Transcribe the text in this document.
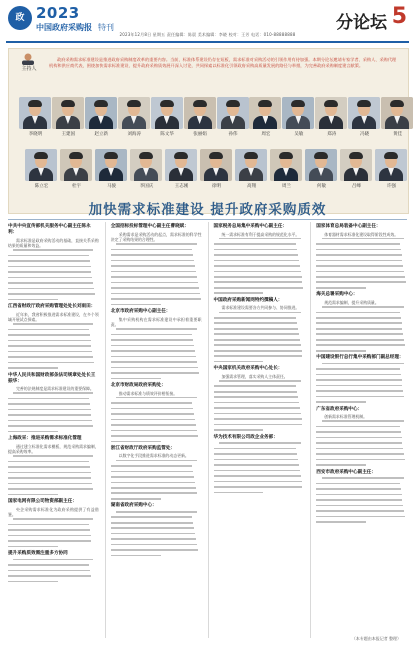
政 2023
中国政府采购报 特刊	分论坛 5
2023年12月8日 星期五 责任编辑：陈晨 美术编辑：李晓 校对：王芳 电话：010-88888888
主持人
政府采购需求标准建设是推进政府采购制度改革的重要内容。当前，标准体系建设仍存在短板，需求标准对采购活动的引领作用有待加强。本期分论坛邀请专家学者、采购人、采购代理机构和供应商代表，围绕加快需求标准建设、提升政府采购质效展开深入讨论，共同探索以标准化引领政府采购高质量发展的路径与举措，为完善政府采购制度建言献策。
李晓明	王建国	赵立新	刘海涛	陈文华	张丽娟	孙伟	周宏	吴敏	郑涛	冯晓	黄佳
陈立宏	杜宇	马骏	李国庆	王志刚	徐明	高翔	周兰	何敏	吕峰	许强
加快需求标准建设 提升政府采购质效
中共中央宣传部机关服务中心副主任陈永利：
需求标准是政府采购活动的基础，直接关系采购结果的质量和效益。
江西省财政厅政府采购管理处处长刘雨田：
近年来，我省积极推进需求标准建设，在多个领域开展试点探索。
中华人民共和国财政部条法司规章处处长王振华：
完善的法规制度是需求标准建设的重要保障。
上海政采：推进采购需求标准化管理
通过建立标准化需求模板，规范采购需求编制，提高采购效率。
国家电网有限公司物资部副主任：
央企采购需求标准化为政府采购提供了有益借鉴。
提升采购质效需注重多方协同
全国招标投标管理中心副主任曹晓斌：
采购需求是采购活动的起点，需求标准的科学性决定了采购结果的合理性。
北京市政府采购中心副主任：
集中采购机构在需求标准建设中承担着重要职责。
北京市财政局政府采购处：
推动需求标准与绩效评价相衔接。
浙江省财政厅政府采购监管处：
以数字化手段推进需求标准的动态更新。
湖南省政府采购中心：
国家税务总局集中采购中心副主任：
统一需求标准有利于提高采购的规范化水平。
中国政府采购新闻网特约撰稿人：
需求标准建设需要各方共同参与、协同推进。
中央国家机关政府采购中心处长：
加强需求管理，落实采购人主体责任。
华为技术有限公司政企业务部：
国家体育总局装备中心副主任：
体育器材需求标准化建设取得阶段性成效。
海关总署采购中心：
规范需求编制，提升采购质量。
中国建设银行总行集中采购部门副总经理：
广东省政府采购中心：
创新需求标准管理机制。
西安市政府采购中心副主任：
（本专题由本报记者 整理）
